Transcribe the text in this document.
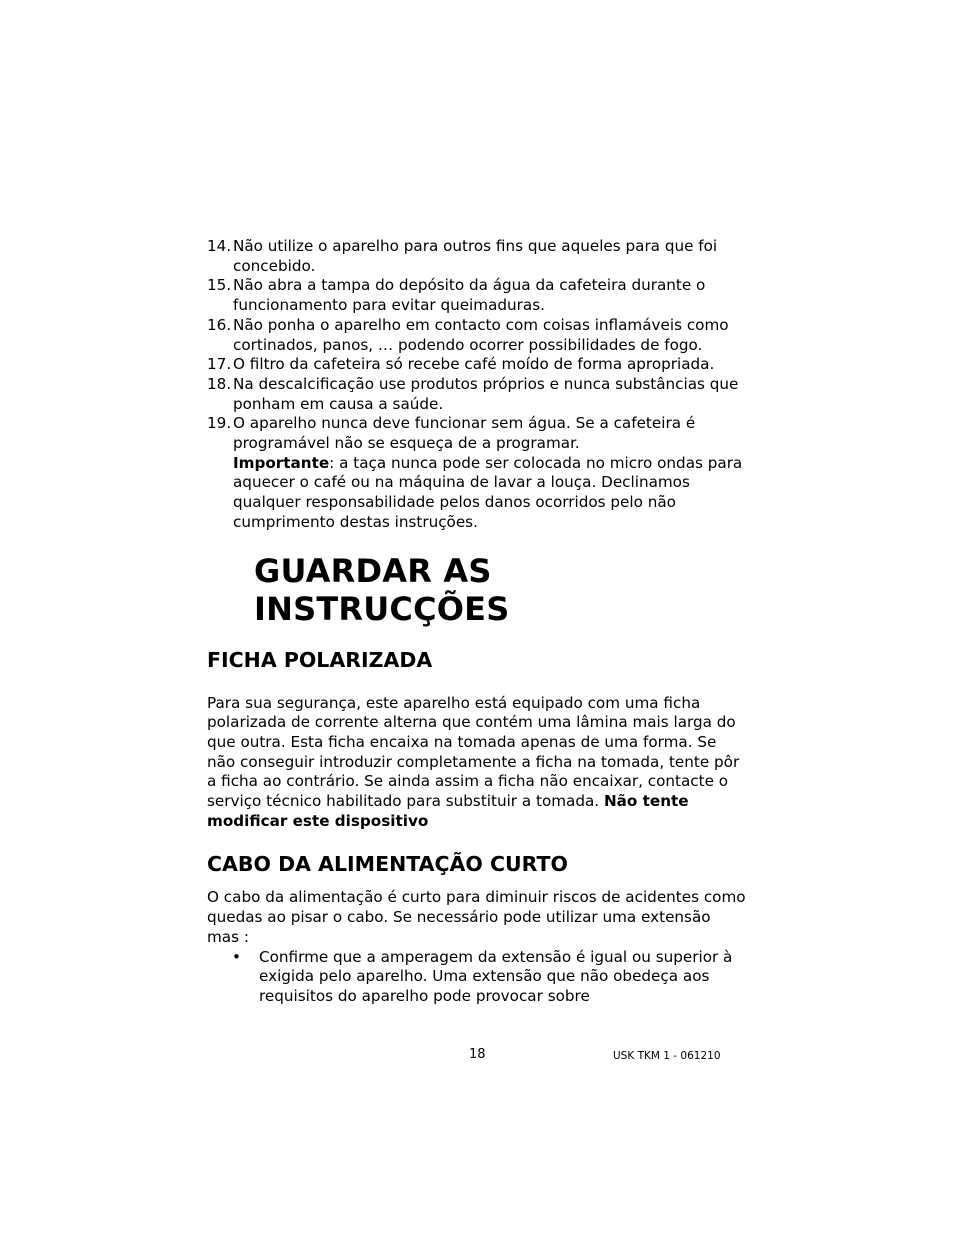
14. Não utilize o aparelho para outros fins que aqueles para que foi concebido.
15. Não abra a tampa do depósito da água da cafeteira durante o funcionamento para evitar queimaduras.
16. Não ponha o aparelho em contacto com coisas inflamáveis como cortinados, panos, … podendo ocorrer possibilidades de fogo.
17. O filtro da cafeteira só recebe café moído de forma apropriada.
18. Na descalcificação use produtos próprios e nunca substâncias que ponham em causa a saúde.
19. O aparelho nunca deve funcionar sem água. Se a cafeteira é programável não se esqueça de a programar.
Importante: a taça nunca pode ser colocada no micro ondas para aquecer o café ou na máquina de lavar a louça. Declinamos qualquer responsabilidade pelos danos ocorridos pelo não cumprimento destas instruções.
GUARDAR AS INSTRUCÇÕES
FICHA POLARIZADA
Para sua segurança, este aparelho está equipado com uma ficha polarizada de corrente alterna que contém uma lâmina mais larga do que outra. Esta ficha encaixa na tomada apenas de uma forma. Se não conseguir introduzir completamente a ficha na tomada, tente pôr a ficha ao contrário. Se ainda assim a ficha não encaixar, contacte o serviço técnico habilitado para substituir a tomada. Não tente modificar este dispositivo
CABO DA ALIMENTAÇÃO CURTO
O cabo da alimentação é curto para diminuir riscos de acidentes como quedas ao pisar o cabo. Se necessário pode utilizar uma extensão mas :
• Confirme que a amperagem da extensão é igual ou superior à exigida pelo aparelho. Uma extensão que não obedeça aos requisitos do aparelho pode provocar sobre
18	USK TKM 1 - 061210
